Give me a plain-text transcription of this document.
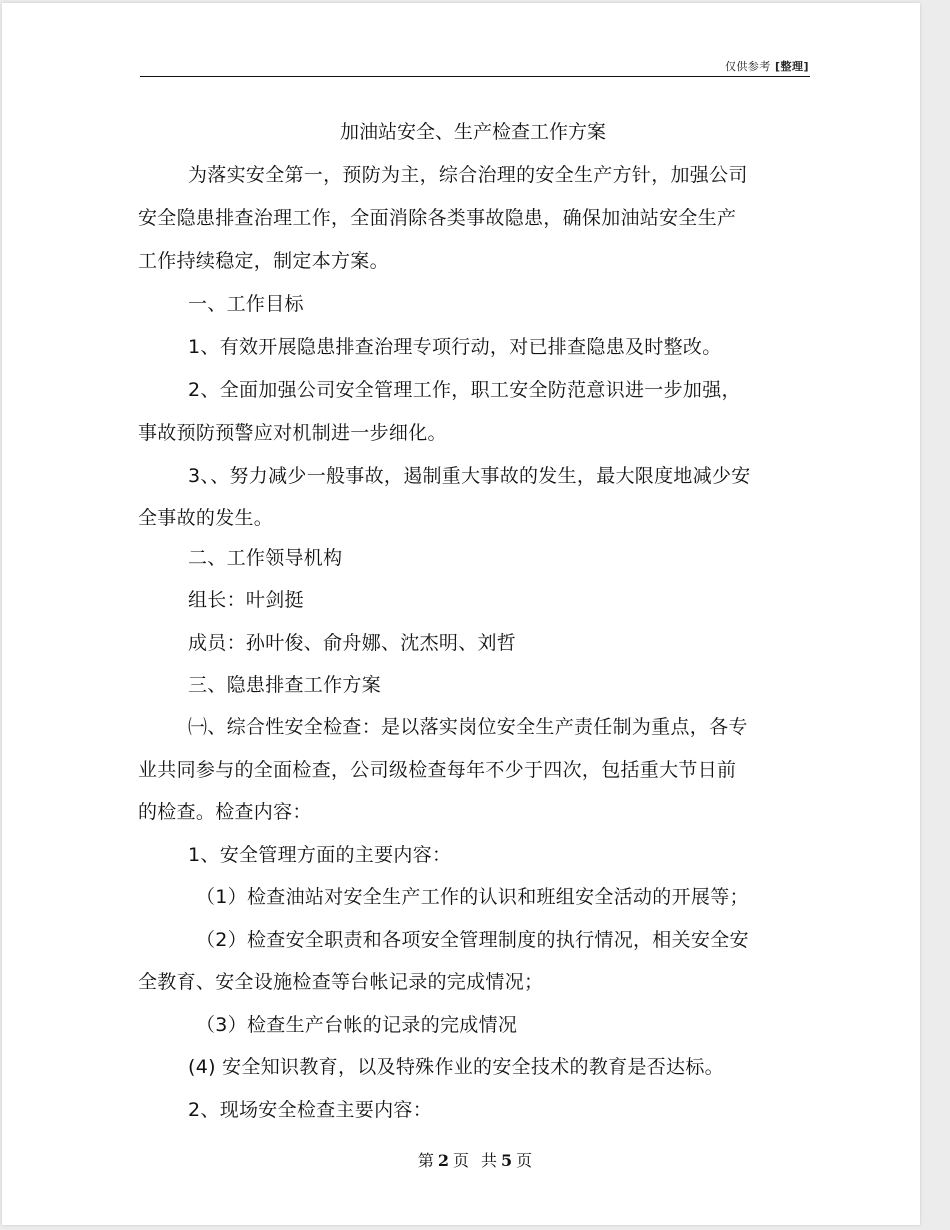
仅供参考 [整理]
加油站安全、生产检查工作方案
为落实安全第一，预防为主，综合治理的安全生产方针，加强公司
安全隐患排查治理工作，全面消除各类事故隐患，确保加油站安全生产
工作持续稳定，制定本方案。
一、工作目标
1、有效开展隐患排查治理专项行动，对已排查隐患及时整改。
2、全面加强公司安全管理工作，职工安全防范意识进一步加强，
事故预防预警应对机制进一步细化。
3、、努力减少一般事故，遏制重大事故的发生，最大限度地减少安
全事故的发生。
二、工作领导机构
组长：叶剑挺
成员：孙叶俊、俞舟娜、沈杰明、刘哲
三、隐患排查工作方案
㈠、综合性安全检查：是以落实岗位安全生产责任制为重点，各专
业共同参与的全面检查，公司级检查每年不少于四次，包括重大节日前
的检查。检查内容：
1、安全管理方面的主要内容：
（1）检查油站对安全生产工作的认识和班组安全活动的开展等；
（2）检查安全职责和各项安全管理制度的执行情况，相关安全安
全教育、安全设施检查等台帐记录的完成情况；
（3）检查生产台帐的记录的完成情况
(4) 安全知识教育，以及特殊作业的安全技术的教育是否达标。
2、现场安全检查主要内容：
第 2 页 共 5 页
